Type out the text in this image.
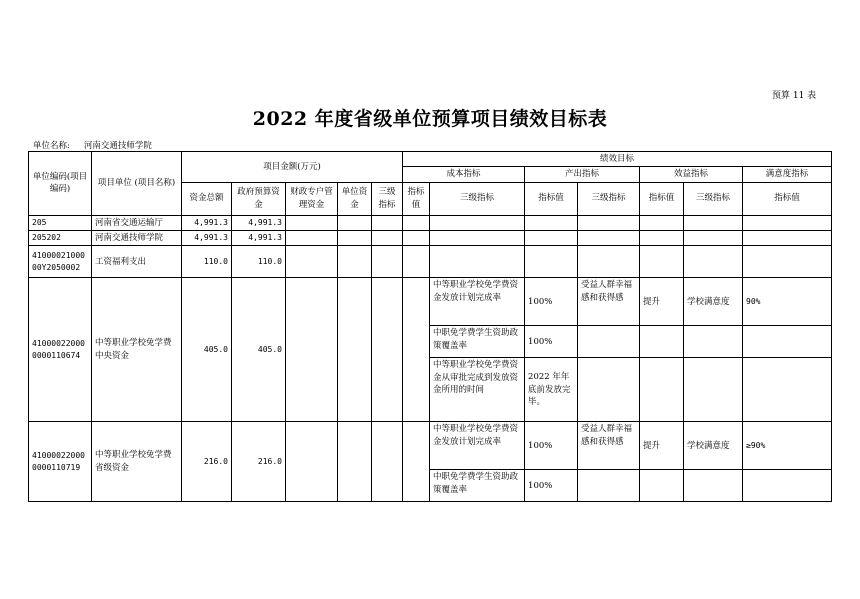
预算 11 表
2022 年度省级单位预算项目绩效目标表
单位名称: 河南交通技师学院
单位编码(项目编码)	项目单位 (项目名称)	项目金额(万元)					绩效目标						
							成本指标		产出指标		效益指标		满意度指标
		资金总额	政府预算资金	财政专户管理资金	单位资金	三级指标	指标值	三级指标	指标值	三级指标	指标值	三级指标	指标值
205	河南省交通运输厅	4,991.3	4,991.3										
205202	河南交通技师学院	4,991.3	4,991.3										
41000021000 00Y2050002	工资福利支出	110.0	110.0										
41000022000 0000110674	中等职业学校免学费中央资金	405.0	405.0					中等职业学校免学费资金发放计划完成率	100%	受益人群幸福感和获得感	提升	学校满意度	90%
								中职免学费学生资助政策覆盖率	100%				
								中等职业学校免学费资金从审批完成到发放资金所用的时间	2022 年年底前发放完毕。				
41000022000 0000110719	中等职业学校免学费省级资金	216.0	216.0					中等职业学校免学费资金发放计划完成率	100%	受益人群幸福感和获得感	提升	学校满意度	≥90%
								中职免学费学生资助政策覆盖率	100%				
